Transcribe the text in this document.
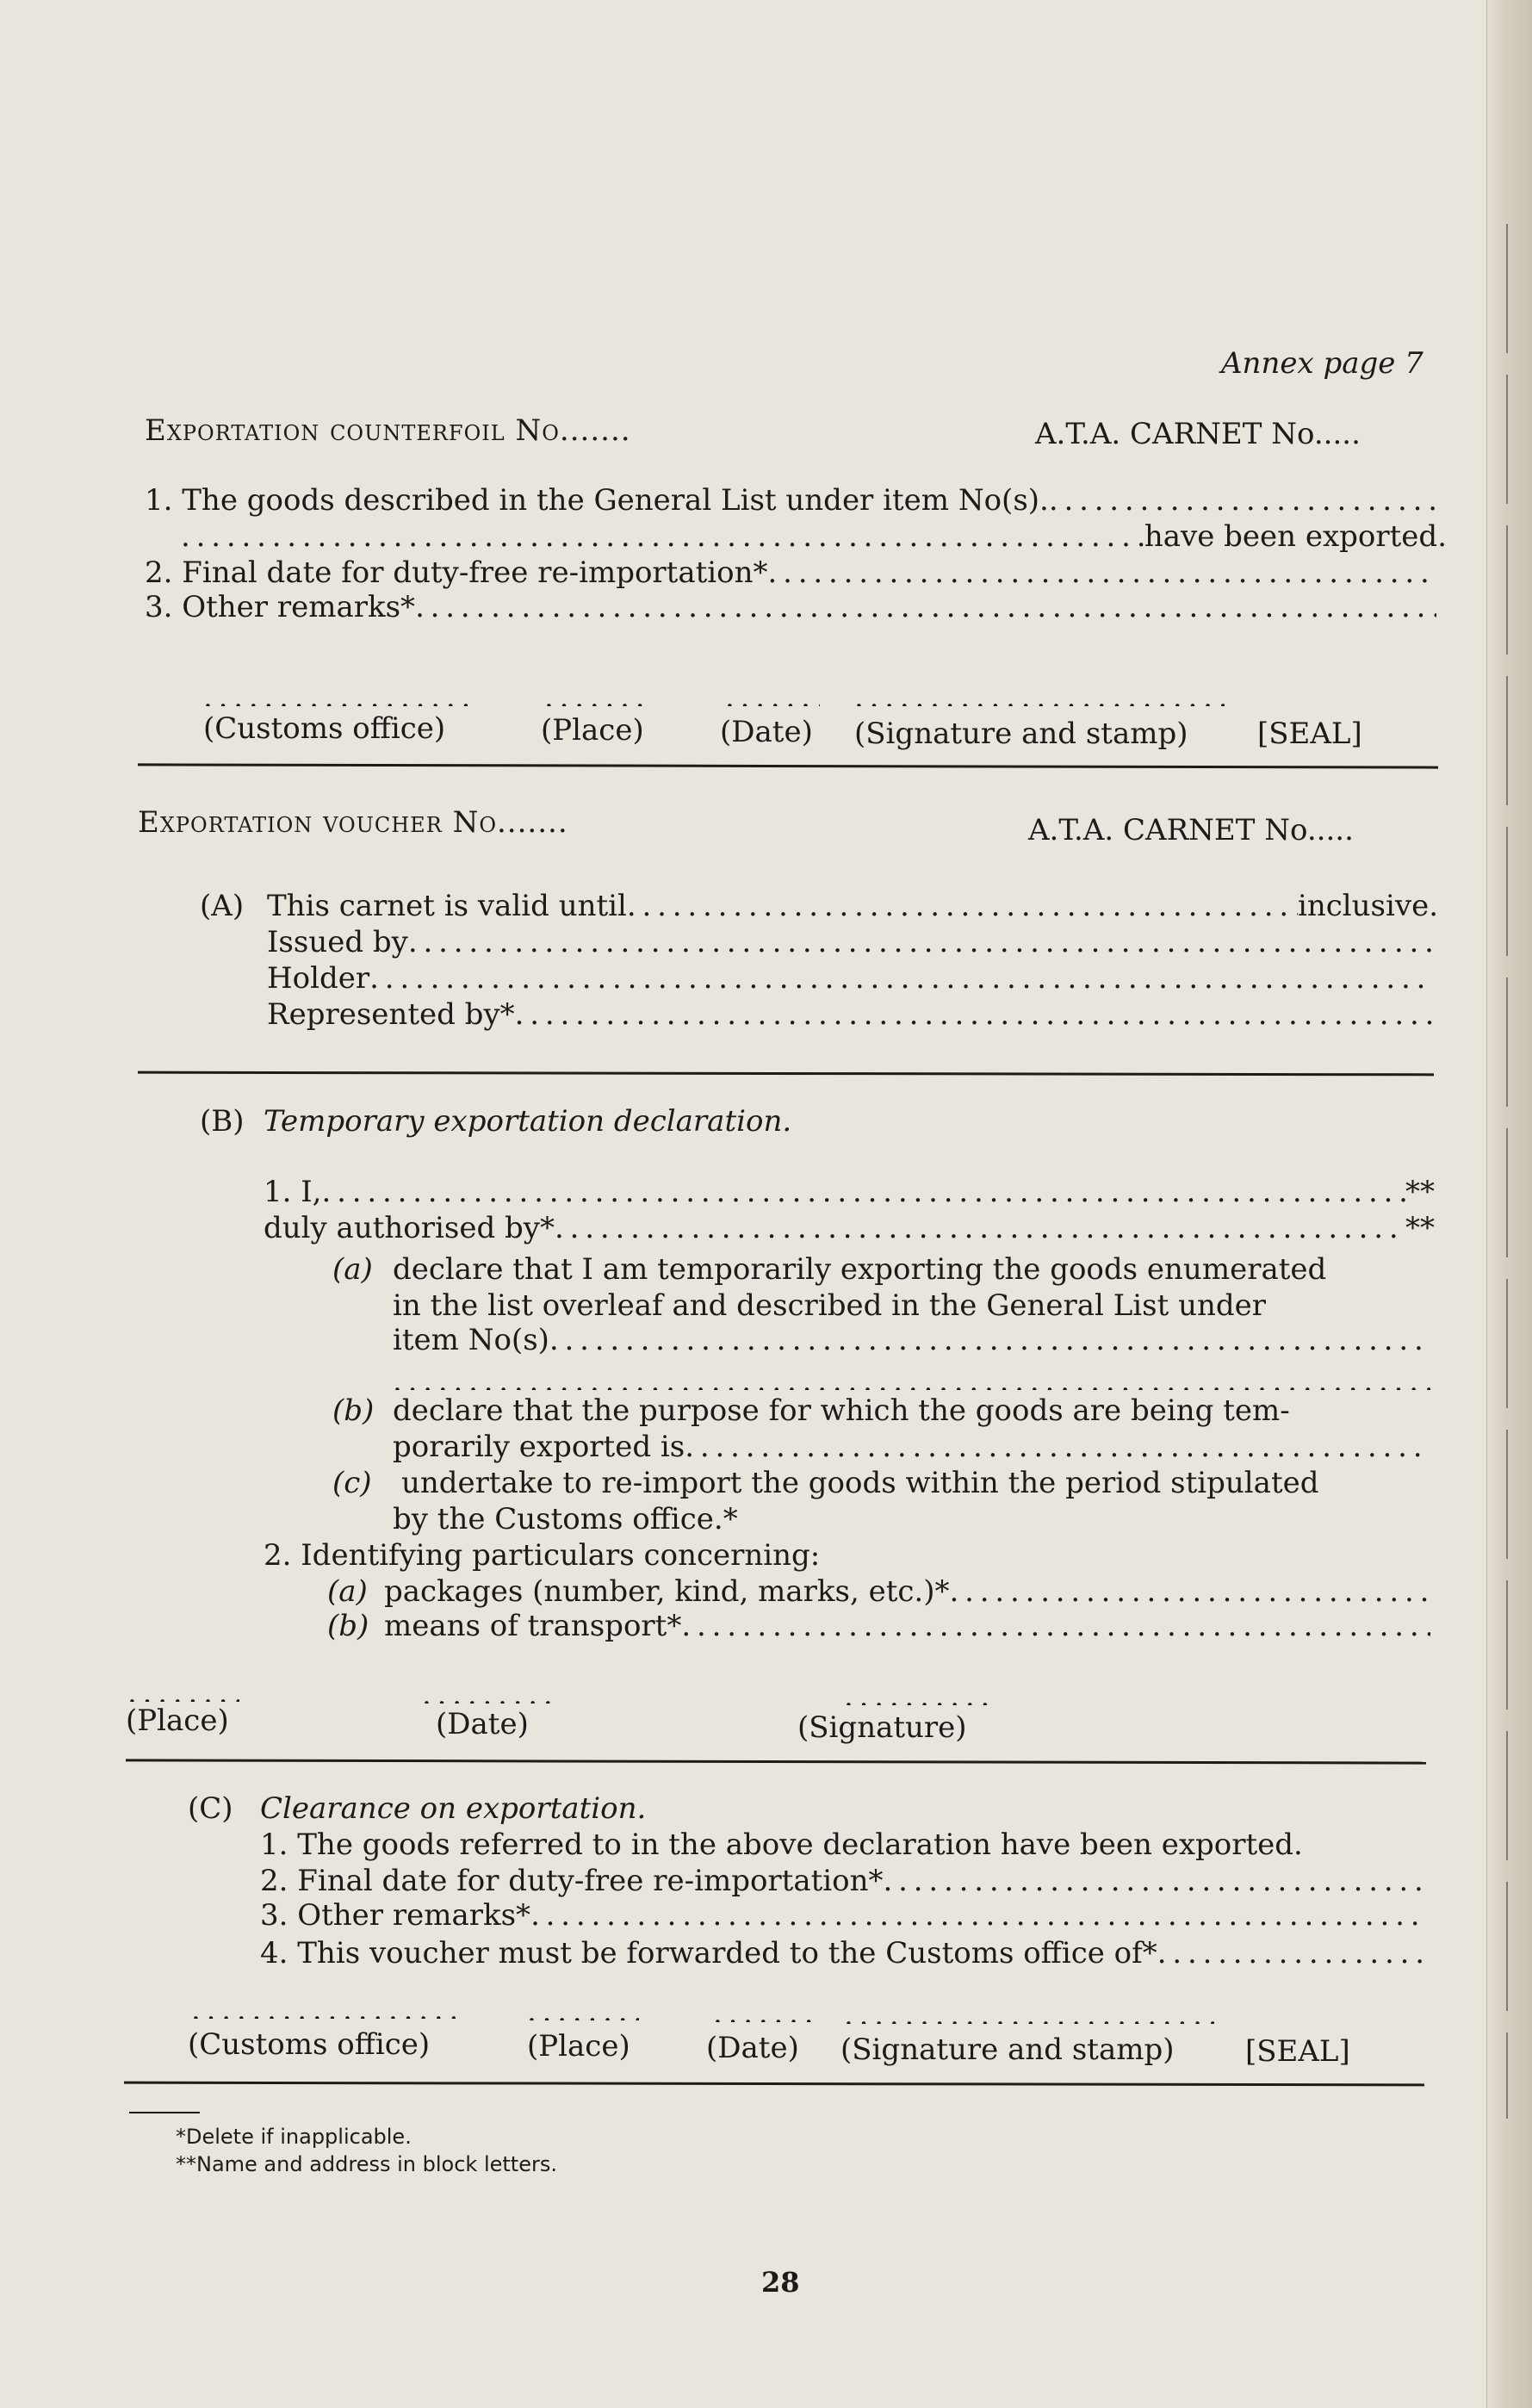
Annex page 7
Exportation counterfoil No.......	A.T.A. CARNET No.....
1. The goods described in the General List under item No(s).
. . .
. . .
have been exported.
2. Final date for duty-free re-importation*
. . .
3. Other remarks*
. . .
. . .
. . .
. . .
. . .
(Customs office)	(Place)	(Date) (Signature and stamp) [SEAL]
Exportation voucher No.......	A.T.A. CARNET No.....
(A) This carnet is valid until . . .	inclusive.
Issued by
. . .
Holder
. . .
Represented by*
. . .
(B) Temporary exportation declaration.
1. I, . . .	**
duly authorised by* . . .	**
(a) declare that I am temporarily exporting the goods enumerated
in the list overleaf and described in the General List under
item No(s)
. . .
. . .
(b) declare that the purpose for which the goods are being tem-
porarily exported is
. . .
(c) undertake to re-import the goods within the period stipulated
by the Customs office.*
2. Identifying particulars concerning:
(a) packages (number, kind, marks, etc.)*
. . .
(b) means of transport*
. . .
. . .
. . .
. . .
(Place)	(Date)	(Signature)
(C) Clearance on exportation.
1. The goods referred to in the above declaration have been exported.
2. Final date for duty-free re-importation*
. . .
3. Other remarks*
. . .
4. This voucher must be forwarded to the Customs office of*
. . .
. . .
. . .
. . .
. . .
(Customs office)	(Place)	(Date) (Signature and stamp) [SEAL]
*Delete if inapplicable.
**Name and address in block letters.
28
